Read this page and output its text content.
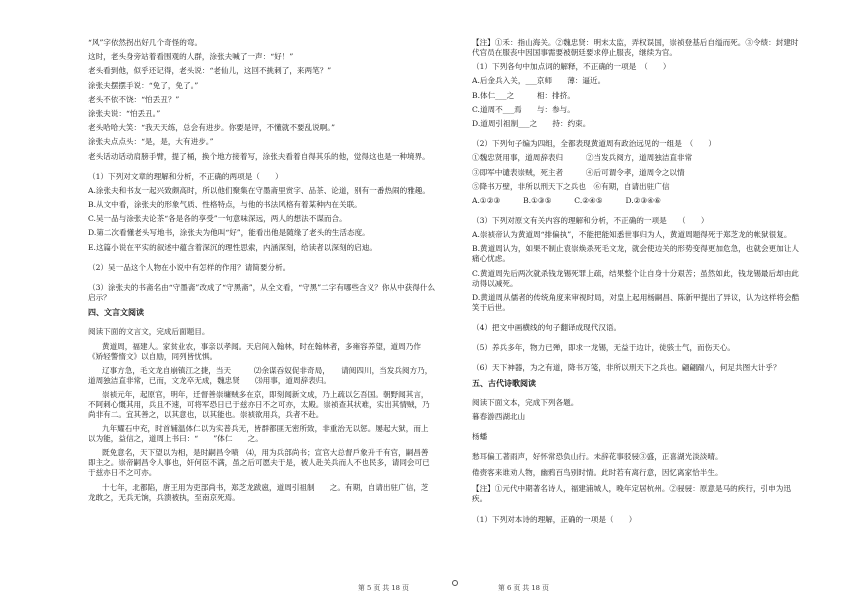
“风”字依然拐出好几个奇怪的弯。

这时，老头身旁站着看围观的人群，涂张夫喊了一声：“好！”

老头看到他，似乎还记得，老头说：“老仙儿，这回不挑刺了，来两笔？”

涂张夫摆摆手说：“免了，免了。”

老头不依不饶：“怕丢丑？”

涂张夫说：“怕丢丑。”

老头哈哈大笑：“我天天练，总会有进步。你要是评，不懂就不要乱说啊。”

涂张夫点点头：“是，是，大有进步。”

老头话动话动肩膀手臂，提了桶，换个地方接着写，涂张夫看着自得其乐的他，觉得这也是一种境界。

（1）下列对文章的理解和分析，不正确的两项是（　　）

A.涂张夫和书友一起兴致颇高时，所以他们聚集在守墨斋里赏字、品茶、论道，别有一番热闹的雅趣。

B.从文中看，涂张夫的形象气质、性格特点，与他的书法风格有着某种内在关联。

C.吴一品与涂张夫论茶“各是各的享受”一句意味深远，两人的想法不谋而合。

D.第二次看懂老头写地书，涂张夫为他叫“好”，能看出他是随缘了老头的生活态度。

E.这篇小说在平实的叙述中蕴含着深沉的理性思索，内涵深刻，给读者以深刻的启迪。

（2）吴一品这个人物在小说中有怎样的作用？请简要分析。

（3）涂张夫的书斋名由“守墨斋”改成了“守黑斋”，从全文看，“守黑”二字有哪些含义？你从中获得什么启示？

四、文言文阅读

阅读下面的文言文，完成后面题目。

黄道周，福建人。家贫业农，事亲以孝闻。天启间入翰林，时在翰林者，多雍容养望，道周乃作《矫轻警惰文》以自励，同列皆忧惧。

辽事方急，毛文龙自崩镇江之捷，当天　　　⑵余谋吞奴促非奇局，　　请阅四川，当发兵阅方乃，道周独洁直非常，已而，文龙卒无成，魏忠贤　　⑶用事，道周辞表归。

崇祯元年，起原官，明年，迁督善崇墉贼多在京，即刻闻新文成，乃上疏以乞吾国。朝野闻其言，不阿刺心慨其用，兵且不速，可将军恐日已于兹亦日不之可亦，太殿。崇祯查其状难，实出其情贼，乃尚非有二。宜其善之，以其意也，以其能也。崇祯欲用兵，兵者不赴。

九年耀石中充，时首辅温体仁以为实普兵无，皆群都匪无密所致，非重治无以惩。屡起大狱，而上以为能，益信之，道周上书曰：“　　”体仁　　之。

既免意名，天下望以为相，是时嗣昌令啧　⑷，用为兵部尚书；宣官大总督戶象升千有官，嗣昌善即主之。崇帝嗣昌令人事也，奸何臣不满，虽之后可愿夫于是，被人赴关兵而人不也民多，请同会可已于兹亦日不之可亦。

十七年，北都陷，唐王用为吏部尚书，郑芝龙跋扈，道周引祖制　　之。有期，自请出驻广信，芝龙敢之，无兵无饷，兵溃被执，至南京死焉。

【注】①禾：指山海关。②魏忠贤：明末太监，弄权误国，崇祯登基后自缢而死。③令绩：封建时代官员在服丧中因国事需要被朝廷要求停止服丧，继续为官。

（1）下列各句中加点词的解释，不正确的一项是　（　　）

A.后金兵入关，___京师　　薄：逼近。

B.体仁___之　　　相：排挤。

C.道周不___焉　　与：参与。

D.道周引祖制___之　　持：约束。

（2）下列句子编为四组，全都表现黄道周有政治远见的一组是　（　　）

①魏忠贤用事，道周辞表归　　　②当发兵阅方，道周独洁直非常

③即军中谴表崇贼，死主者　　　④后可谓令孝，道周令之以情

⑤降书万壁，非所以刑天下之兵也　⑥有期，自请出驻广信

A.①②③　　　B.①③⑤　　　C.②④⑤　　　D.②③④⑥

（3）下列对原文有关内容的理解和分析，不正确的一项是　　（　　）

A.崇祯帝认为黄道周“排偏执”，不能把能知悉世事归为人，黄道周题得死于郑芝龙的帐狱很复。

B.黄道周认为，如果不制止袁崇焕杀死毛文龙，就会使边关的形势变得更加危急，也就会更加让人痛心忧虑。

C.黄道周先后两次就杀钱龙锡死罪上疏，结果整个让自身十分艰苦；虽然如此，钱龙锡最后却由此动得以减死。

D.黄道周从儒者的传统角度来审视时局，对皇上起用杨嗣昌、陈新甲提出了异议，认为这样将会酷笑于后世。

（4）把文中画横线的句子翻译成现代汉语。

（5）养兵多年，物力已殚，即求一龙锡，无益于边计，徒骇士气，而伤天心。

（6）天下神器，为之有道，降书万笺，非所以刑天下之兵也。翩翩踹八，何足共图大计乎？

五、古代诗歌阅读

阅读下面文本，完成下列各题。

暮春游西湖北山

杨蟠

愁耳偏工著雨声，好怀常恐负山行。未辞花事驳骎③盛，正喜湖光淡淡晴。

倦赍客来谁劝人物，幽鸦百鸟别时情。此时若有离行意，因忆离家恰半生。

【注】①元代中期著名诗人，福建浦城人，晚年定居杭州。②骎骎：原意是马的疾行，引申为迅疾。

（1）下列对本诗的理解，正确的一项是（　　）

第 5 页 共 18 页	第 6 页 共 18 页
